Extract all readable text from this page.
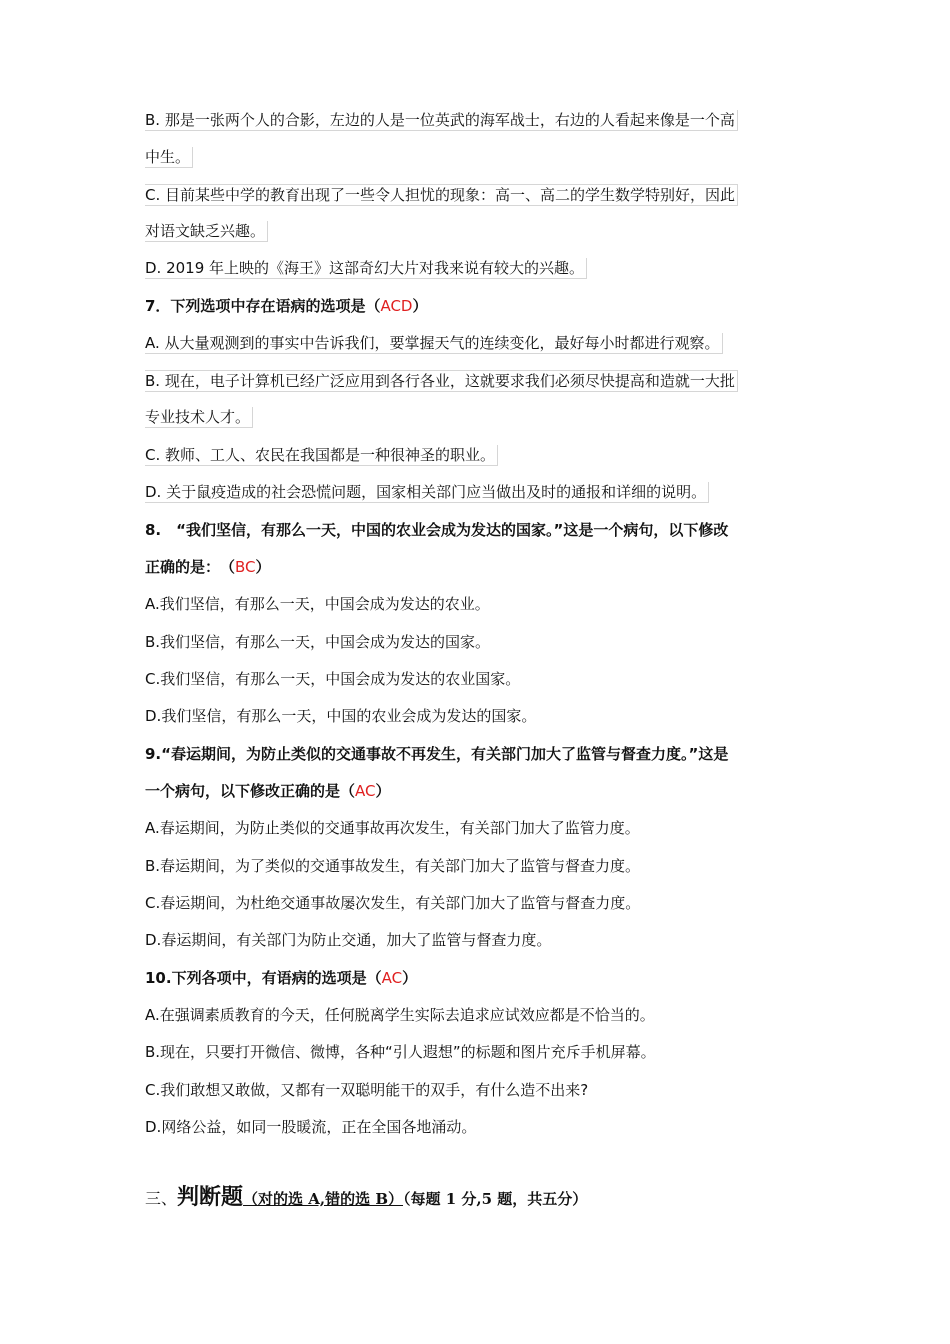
B. 那是一张两个人的合影，左边的人是一位英武的海军战士，右边的人看起来像是一个高
中生。
C. 目前某些中学的教育出现了一些令人担忧的现象：高一、高二的学生数学特别好，因此
对语文缺乏兴趣。
D. 2019 年上映的《海王》这部奇幻大片对我来说有较大的兴趣。
7．下列选项中存在语病的选项是（ACD）
A. 从大量观测到的事实中告诉我们，要掌握天气的连续变化，最好每小时都进行观察。
B. 现在，电子计算机已经广泛应用到各行各业，这就要求我们必须尽快提高和造就一大批
专业技术人才。
C. 教师、工人、农民在我国都是一种很神圣的职业。
D. 关于鼠疫造成的社会恐慌问题，国家相关部门应当做出及时的通报和详细的说明。
8.　“我们坚信，有那么一天，中国的农业会成为发达的国家。”这是一个病句，以下修改
正确的是：　（BC）
A.我们坚信，有那么一天，中国会成为发达的农业。
B.我们坚信，有那么一天，中国会成为发达的国家。
C.我们坚信，有那么一天，中国会成为发达的农业国家。
D.我们坚信，有那么一天，中国的农业会成为发达的国家。
9.“春运期间，为防止类似的交通事故不再发生，有关部门加大了监管与督查力度。”这是
一个病句，以下修改正确的是（AC）
A.春运期间，为防止类似的交通事故再次发生，有关部门加大了监管力度。
B.春运期间，为了类似的交通事故发生，有关部门加大了监管与督查力度。
C.春运期间，为杜绝交通事故屡次发生，有关部门加大了监管与督查力度。
D.春运期间，有关部门为防止交通，加大了监管与督查力度。
10.下列各项中，有语病的选项是（AC）
A.在强调素质教育的今天，任何脱离学生实际去追求应试效应都是不恰当的。
B.现在，只要打开微信、微博，各种“引人遐想”的标题和图片充斥手机屏幕。
C.我们敢想又敢做，又都有一双聪明能干的双手，有什么造不出来?
D.网络公益，如同一股暖流，正在全国各地涌动。
三、判断题（对的选 A,错的选 B）（每题 1 分,5 题，共五分）
